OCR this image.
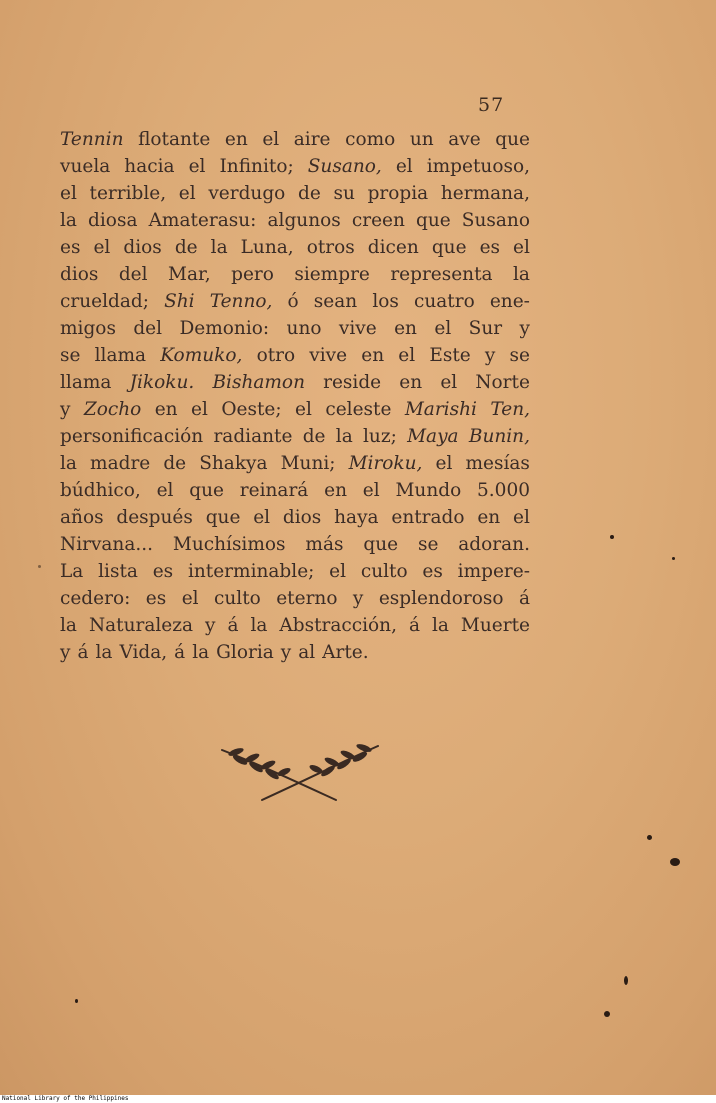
57
Tennin flotante en el aire como un ave que
vuela hacia el Infinito; Susano, el impetuoso,
el terrible, el verdugo de su propia hermana,
la diosa Amaterasu: algunos creen que Susano
es el dios de la Luna, otros dicen que es el
dios del Mar, pero siempre representa la
crueldad; Shi Tenno, ó sean los cuatro ene-
migos del Demonio: uno vive en el Sur y
se llama Komuko, otro vive en el Este y se
llama Jikoku. Bishamon reside en el Norte
y Zocho en el Oeste; el celeste Marishi Ten,
personificación radiante de la luz; Maya Bunin,
la madre de Shakya Muni; Miroku, el mesías
búdhico, el que reinará en el Mundo 5.000
años después que el dios haya entrado en el
Nirvana... Muchísimos más que se adoran.
La lista es interminable; el culto es impere-
cedero: es el culto eterno y esplendoroso á
la Naturaleza y á la Abstracción, á la Muerte
y á la Vida, á la Gloria y al Arte.
National Library of the Philippines
